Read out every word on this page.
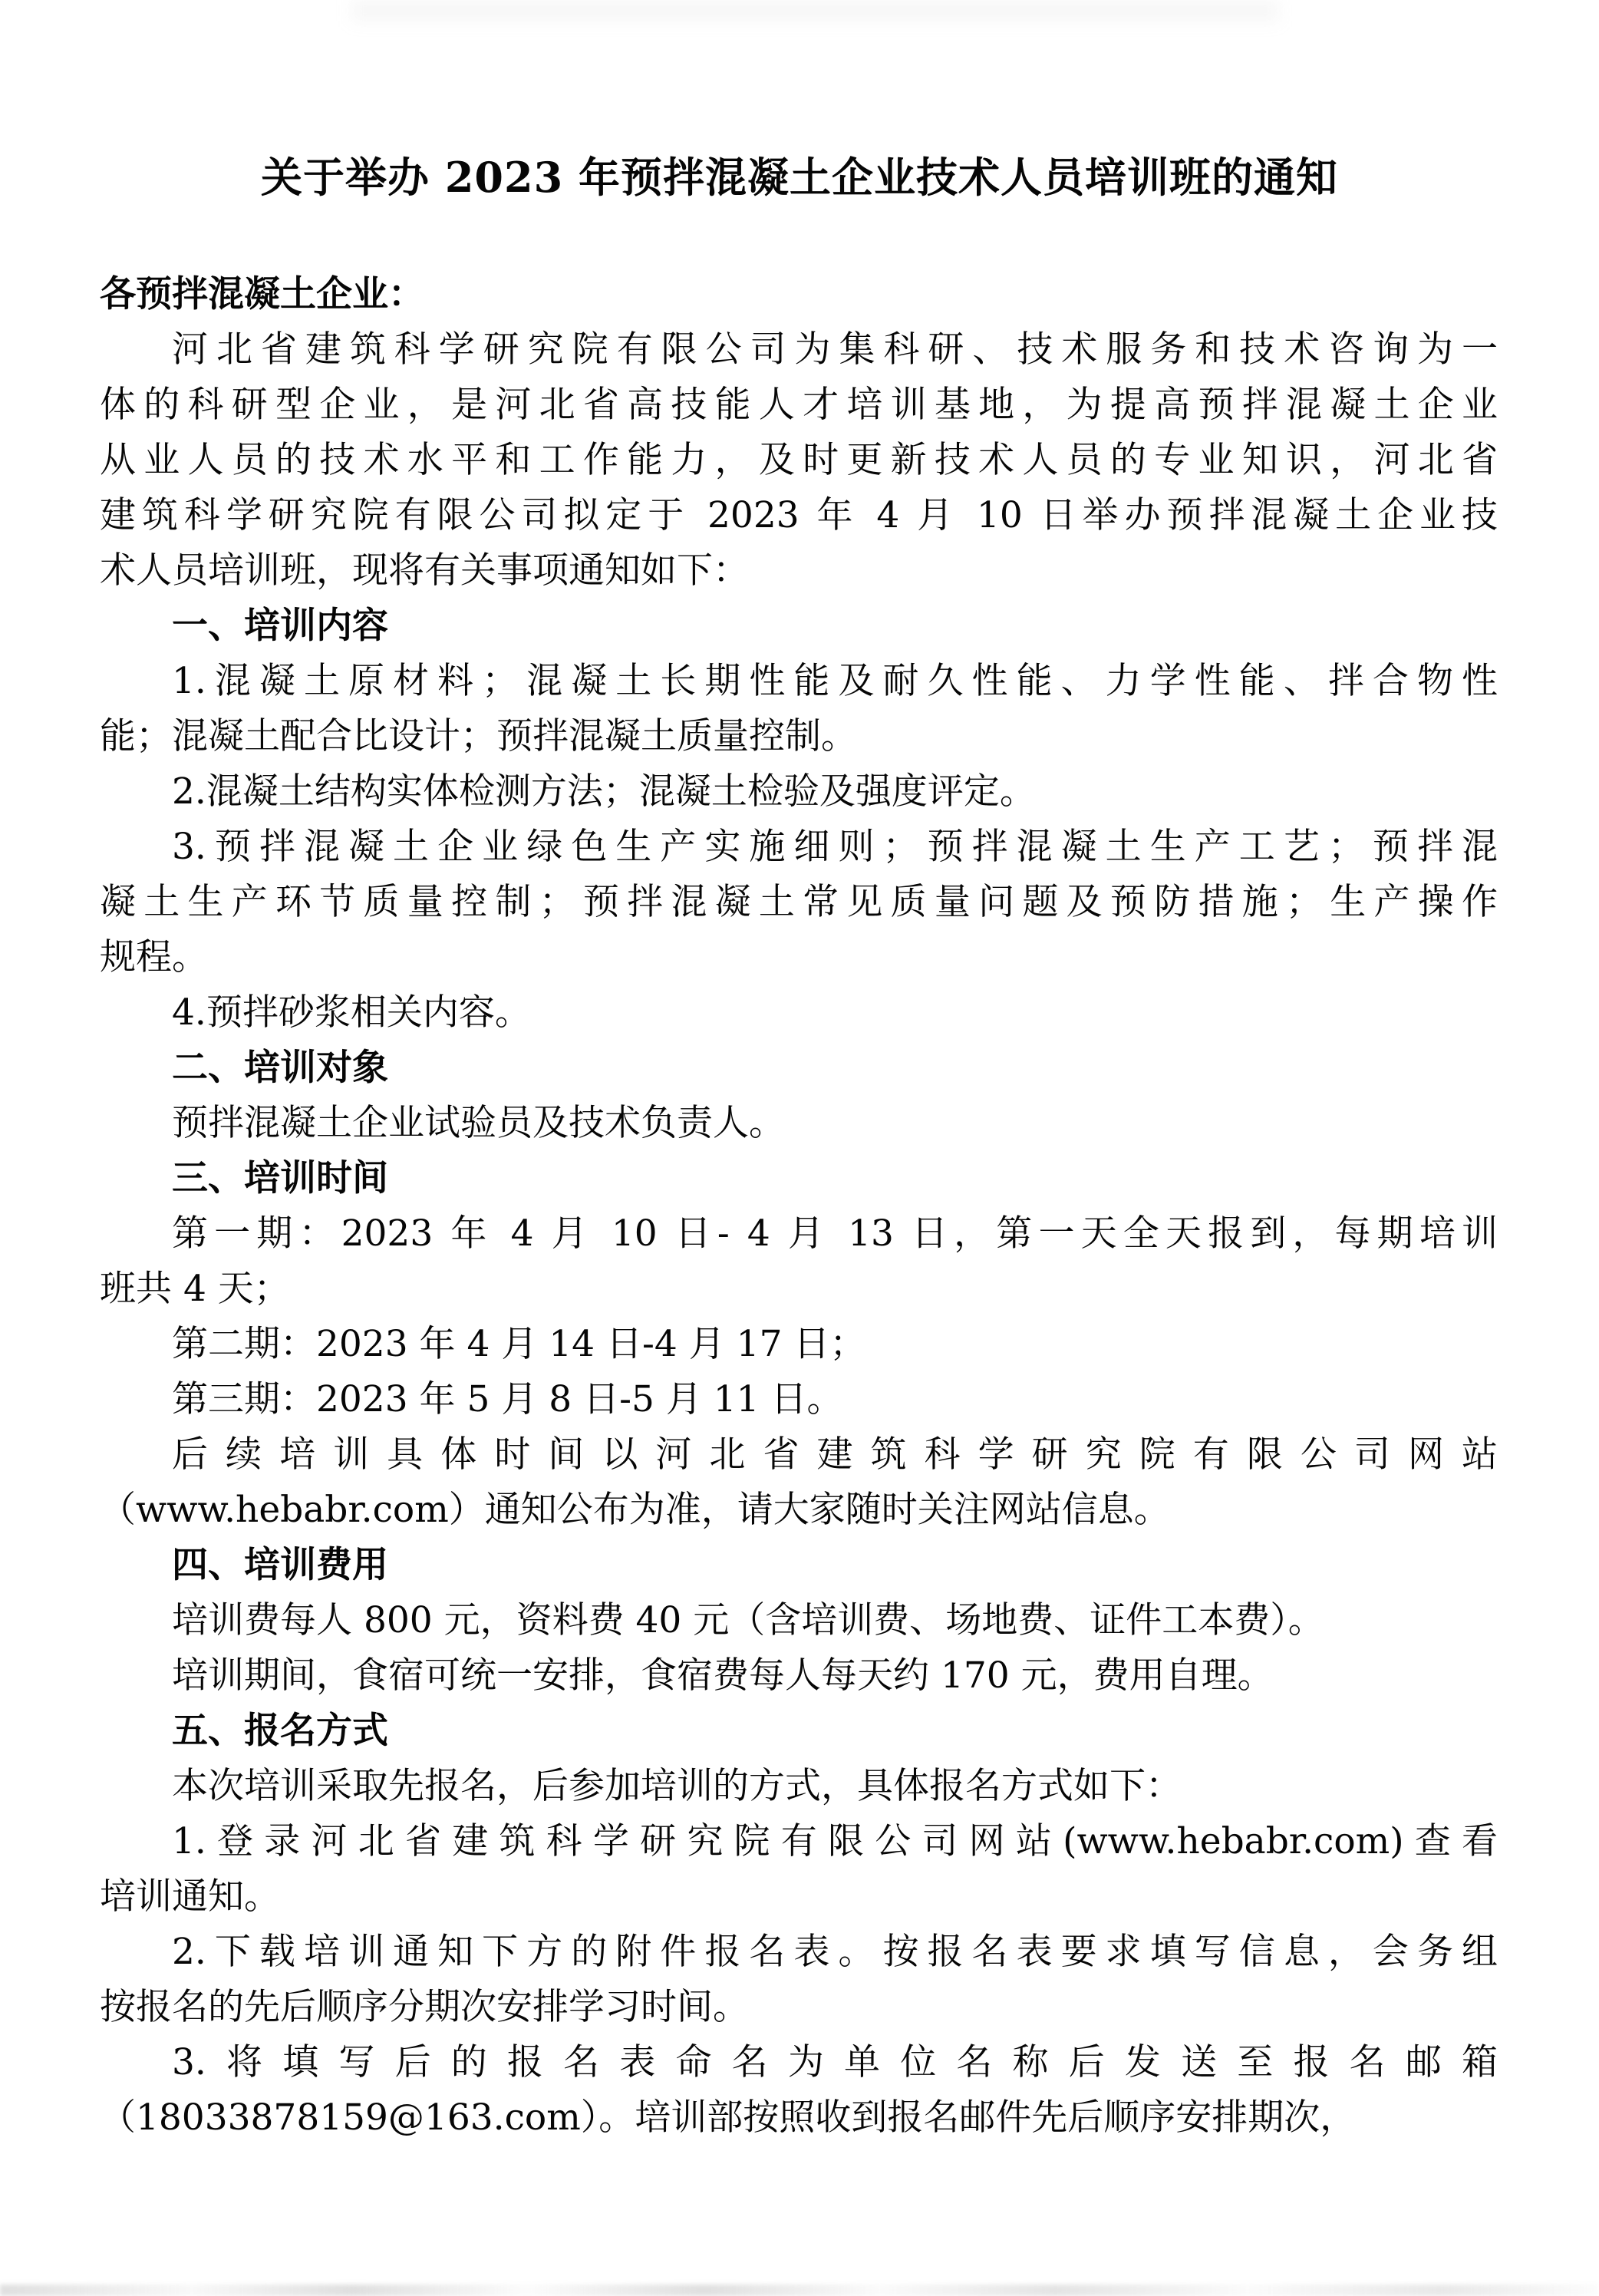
关于举办 2023 年预拌混凝土企业技术人员培训班的通知
各预拌混凝土企业：
河北省建筑科学研究院有限公司为集科研、技术服务和技术咨询为一
体的科研型企业，是河北省高技能人才培训基地，为提高预拌混凝土企业
从业人员的技术水平和工作能力，及时更新技术人员的专业知识，河北省
建筑科学研究院有限公司拟定于 2023 年 4 月 10 日举办预拌混凝土企业技
术人员培训班，现将有关事项通知如下：
一、培训内容
1.混凝土原材料；混凝土长期性能及耐久性能、力学性能、拌合物性
能；混凝土配合比设计；预拌混凝土质量控制。
2.混凝土结构实体检测方法；混凝土检验及强度评定。
3.预拌混凝土企业绿色生产实施细则；预拌混凝土生产工艺；预拌混
凝土生产环节质量控制；预拌混凝土常见质量问题及预防措施；生产操作
规程。
4.预拌砂浆相关内容。
二、培训对象
预拌混凝土企业试验员及技术负责人。
三、培训时间
第一期：2023 年 4 月 10 日- 4 月 13 日，第一天全天报到，每期培训
班共 4 天；
第二期：2023 年 4 月 14 日-4 月 17 日；
第三期：2023 年 5 月 8 日-5 月 11 日。
后续培训具体时间以河北省建筑科学研究院有限公司网站
（www.hebabr.com）通知公布为准，请大家随时关注网站信息。
四、培训费用
培训费每人 800 元，资料费 40 元（含培训费、场地费、证件工本费）。
培训期间，食宿可统一安排，食宿费每人每天约 170 元，费用自理。
五、报名方式
本次培训采取先报名，后参加培训的方式，具体报名方式如下：
1.登录河北省建筑科学研究院有限公司网站(www.hebabr.com)查看
培训通知。
2.下载培训通知下方的附件报名表。按报名表要求填写信息，会务组
按报名的先后顺序分期次安排学习时间。
3.将填写后的报名表命名为单位名称后发送至报名邮箱
（18033878159@163.com）。培训部按照收到报名邮件先后顺序安排期次，
